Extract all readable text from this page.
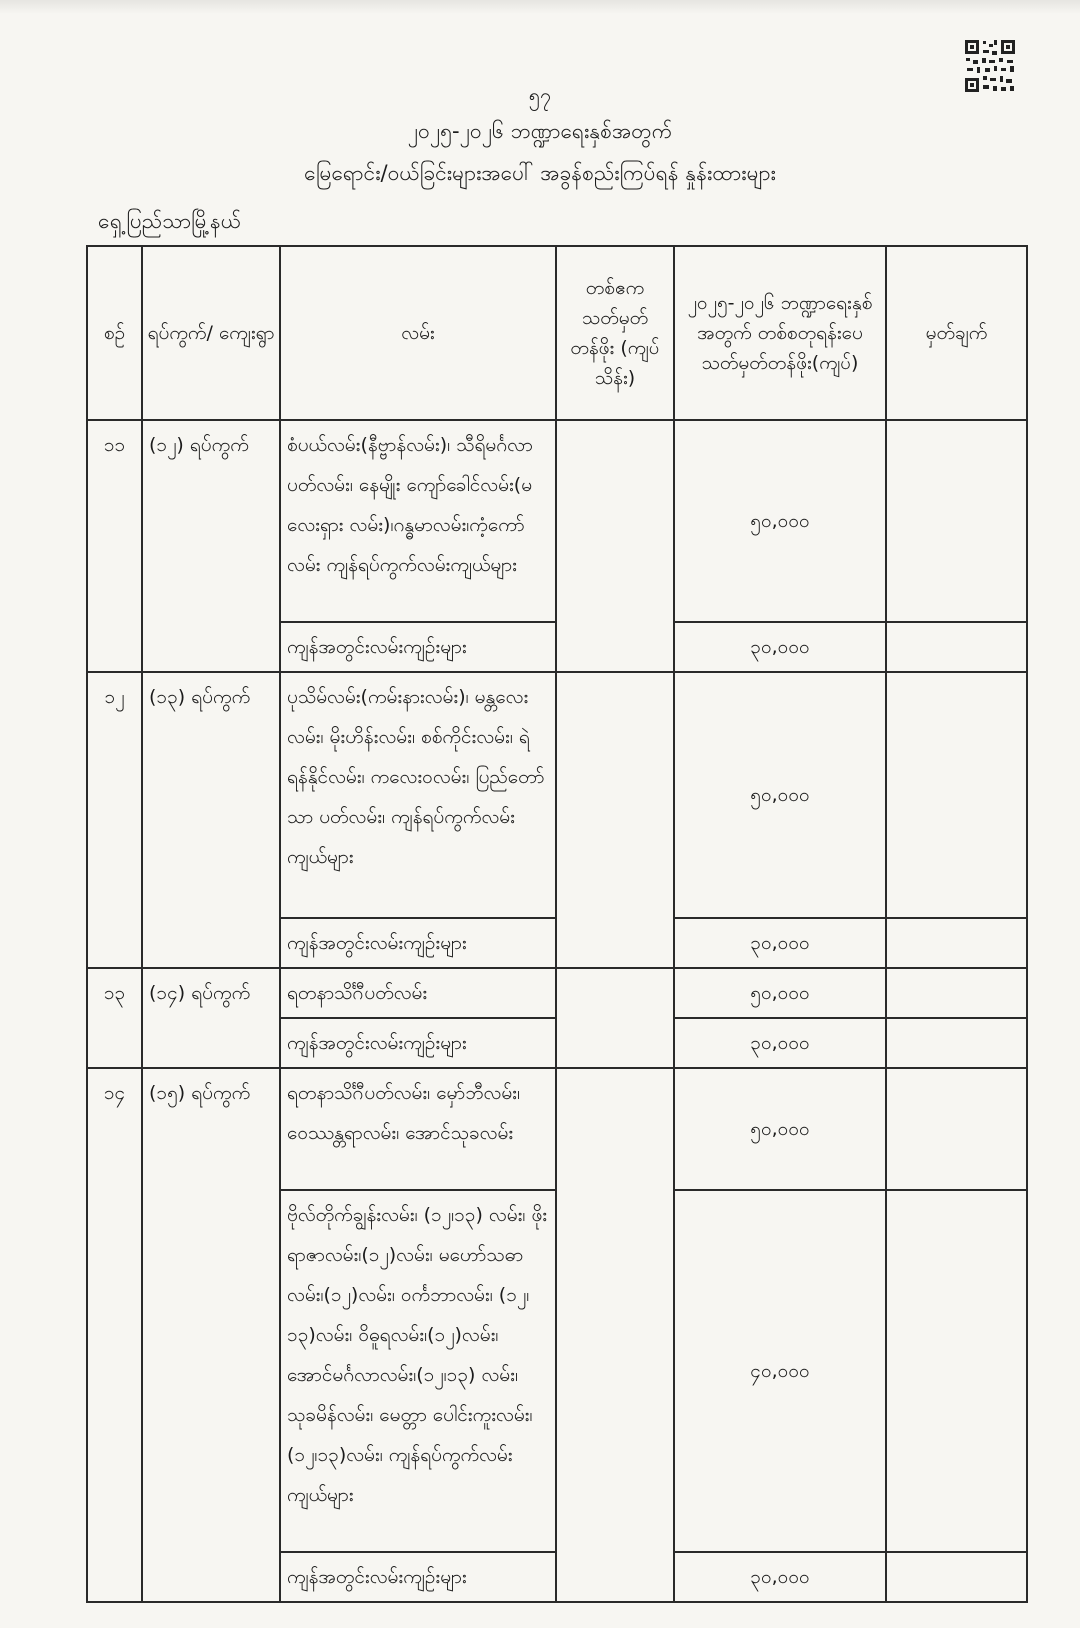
၅၇
၂၀၂၅-၂၀၂၆ ဘဏ္ဍာရေးနှစ်အတွက်
မြေရောင်း/ဝယ်ခြင်းများအပေါ် အခွန်စည်းကြပ်ရန် နှုန်းထားများ
ရှေ့ပြည်သာမြို့နယ်
စဉ်	ရပ်ကွက်/ ကျေးရွာ	လမ်း	တစ်ဧက သတ်မှတ် တန်ဖိုး (ကျပ်သိန်း)	၂၀၂၅-၂၀၂၆ ဘဏ္ဍာရေးနှစ်အတွက် တစ်စတုရန်းပေ သတ်မှတ်တန်ဖိုး(ကျပ်)	မှတ်ချက်
၁၁	(၁၂) ရပ်ကွက်	စံပယ်လမ်း(နီဗ္ဗာန်လမ်း)၊ သီရိမင်္ဂလာပတ်လမ်း၊ နေမျိုး ကျော်ခေါင်လမ်း(မလေးရှား လမ်း)၊ဂန္ဓမာလမ်း၊ကံ့ကော်လမ်း ကျန်ရပ်ကွက်လမ်းကျယ်များ		၅၀,၀၀၀	
		ကျန်အတွင်းလမ်းကျဉ်းများ		၃၀,၀၀၀	
၁၂	(၁၃) ရပ်ကွက်	ပုသိမ်လမ်း(ကမ်းနားလမ်း)၊ မန္တလေးလမ်း၊ မိုးဟိန်းလမ်း၊ စစ်ကိုင်းလမ်း၊ ရဲရန်နိုင်လမ်း၊ ကလေးဝလမ်း၊ ပြည်တော်သာ ပတ်လမ်း၊ ကျန်ရပ်ကွက်လမ်း ကျယ်များ		၅၀,၀၀၀	
		ကျန်အတွင်းလမ်းကျဉ်းများ		၃၀,၀၀၀	
၁၃	(၁၄) ရပ်ကွက်	ရတနာသိင်္ဂီပတ်လမ်း		၅၀,၀၀၀	
		ကျန်အတွင်းလမ်းကျဉ်းများ		၃၀,၀၀၀	
၁၄	(၁၅) ရပ်ကွက်	ရတနာသိင်္ဂီပတ်လမ်း၊ မှော်ဘီလမ်း၊ ဝေဿန္တရာလမ်း၊ အောင်သုခလမ်း		၅၀,၀၀၀	
		ဗိုလ်တိုက်ချွန်းလမ်း၊ (၁၂၊၁၃) လမ်း၊ ဖိုးရာဇာလမ်း၊(၁၂)လမ်း၊ မဟော်သဓာလမ်း၊(၁၂)လမ်း၊ ဝင်္ကဘာလမ်း၊ (၁၂၊၁၃)လမ်း၊ ဝိဓူရလမ်း၊(၁၂)လမ်း၊ အောင်မင်္ဂလာလမ်း၊(၁၂၊၁၃) လမ်း၊ သုခမိန်လမ်း၊ မေတ္တာ ပေါင်းကူးလမ်း၊ (၁၂၊၁၃)လမ်း၊ ကျန်ရပ်ကွက်လမ်းကျယ်များ		၄၀,၀၀၀	
		ကျန်အတွင်းလမ်းကျဉ်းများ		၃၀,၀၀၀	
